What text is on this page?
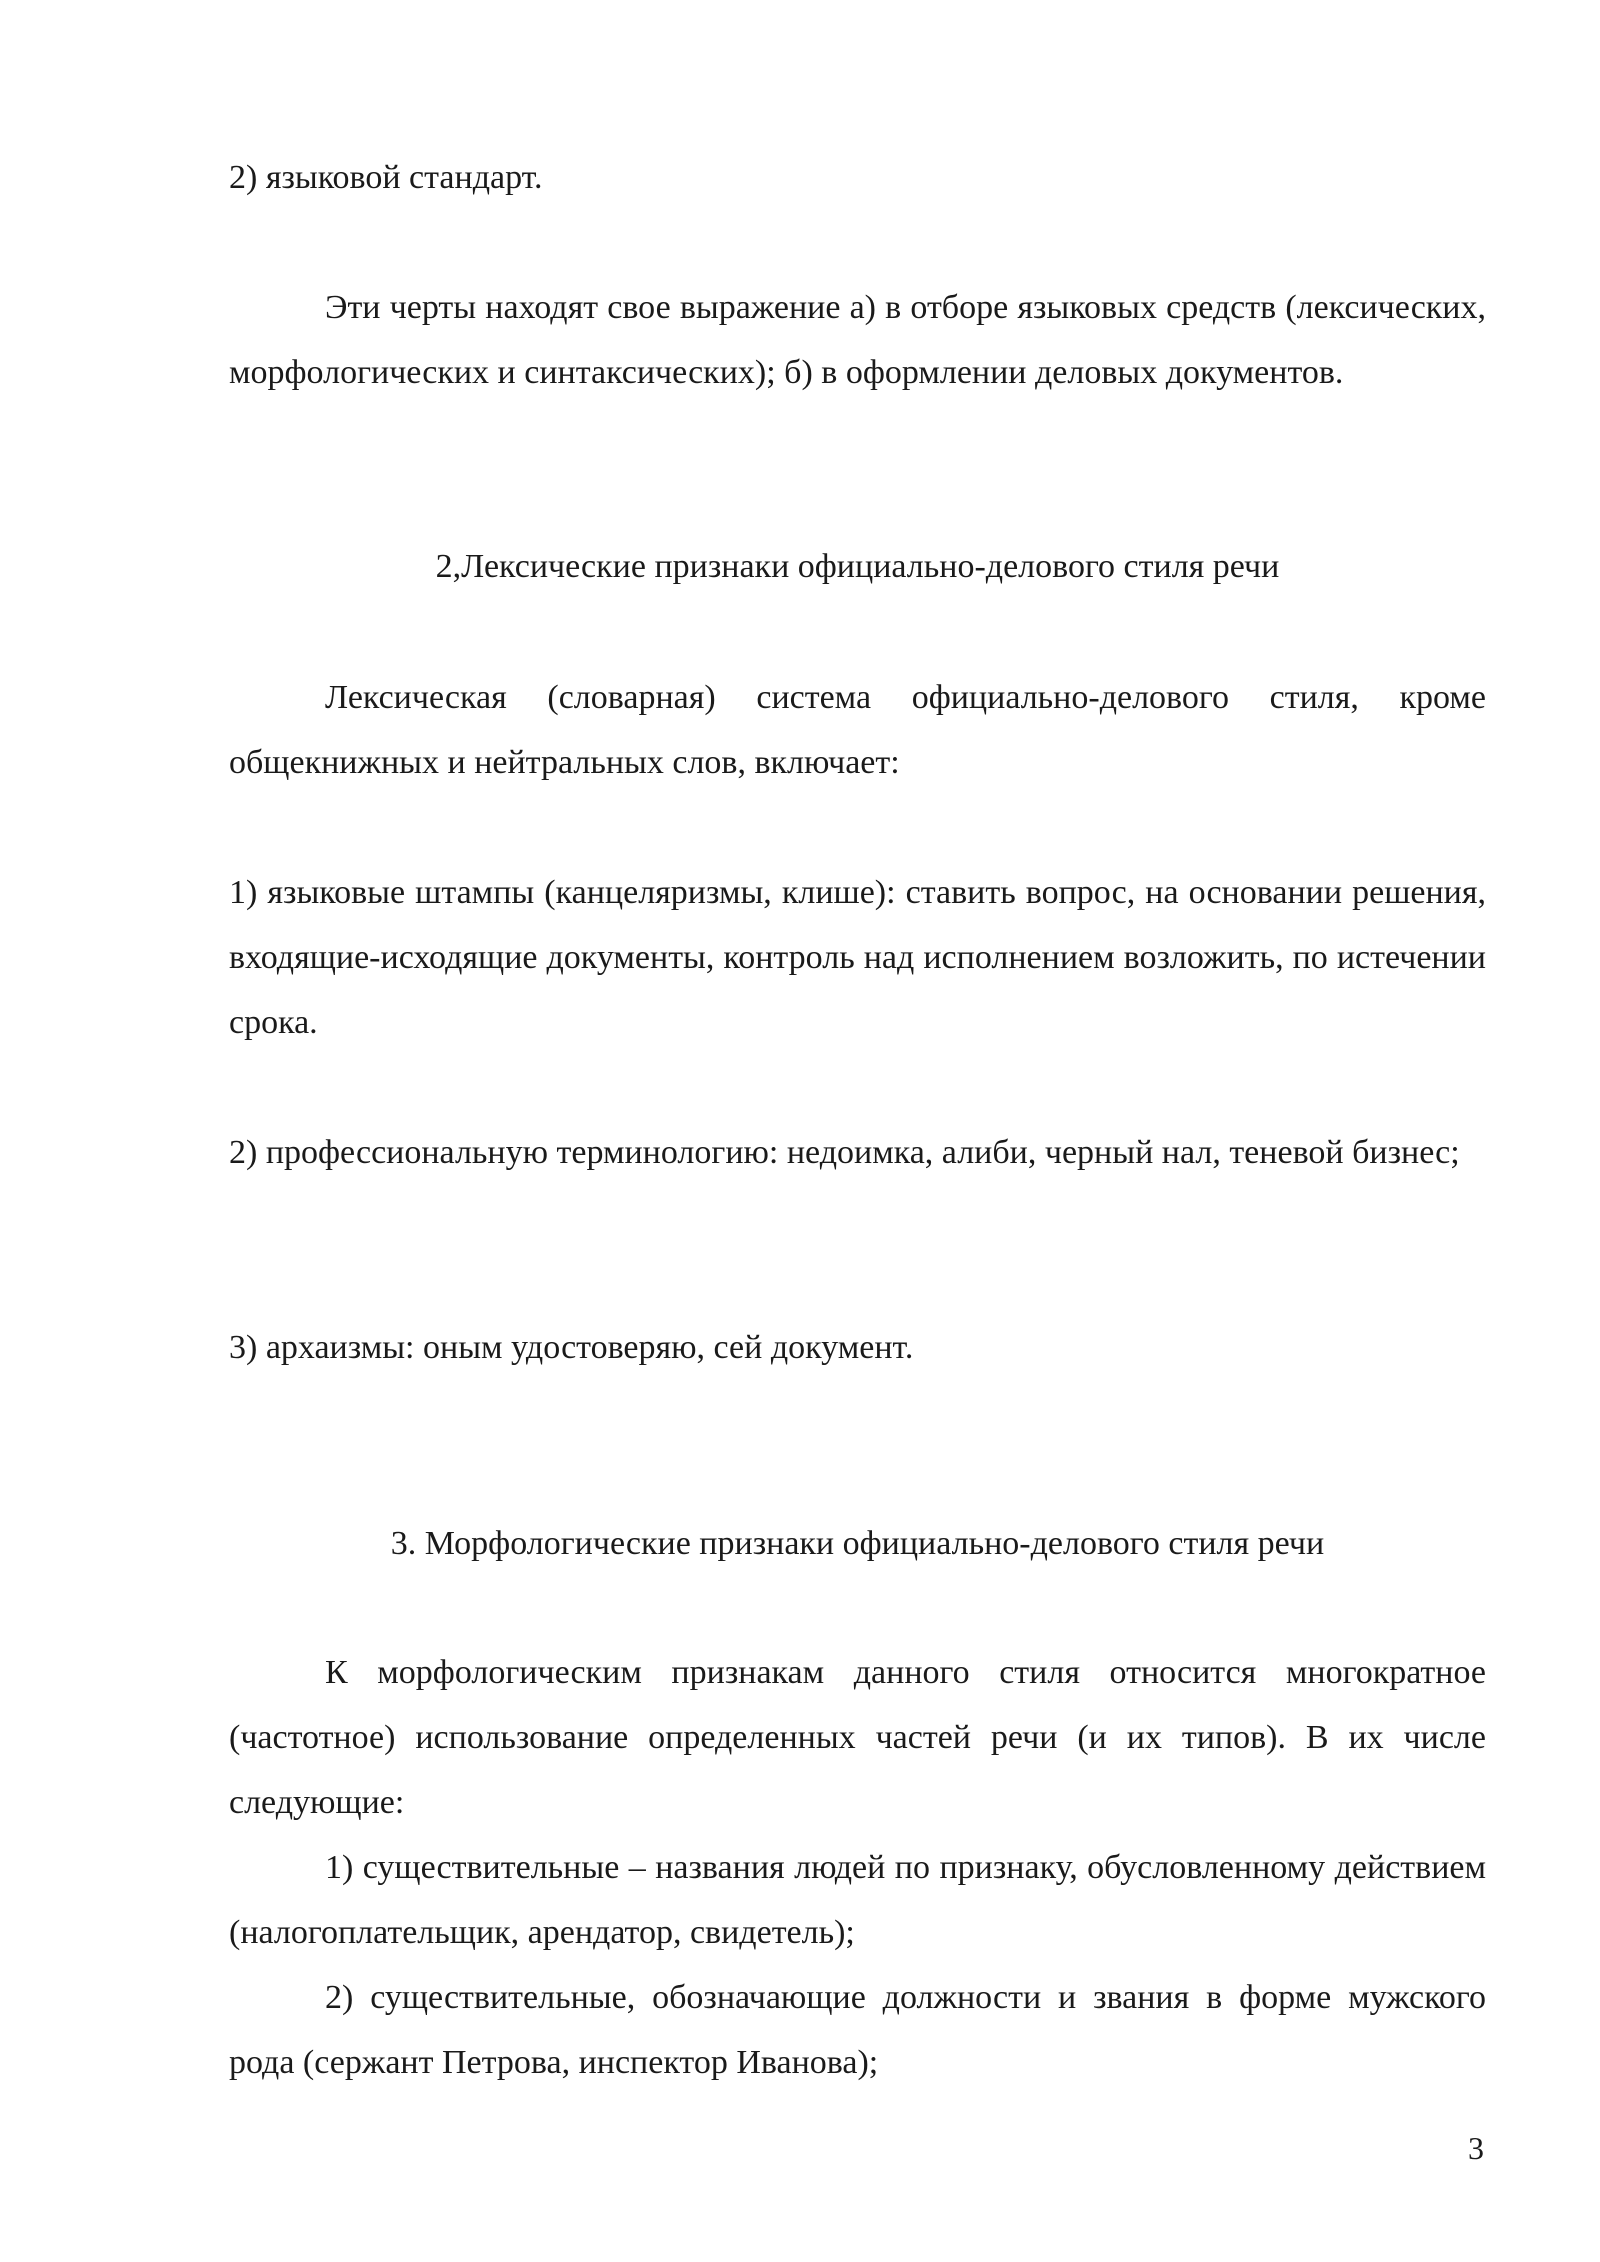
2) языковой стандарт.

Эти черты находят свое выражение а) в отборе языковых средств (лексических, морфологических и синтаксических); б) в оформлении деловых документов.

2,Лексические признаки официально-делового стиля речи

Лексическая (словарная) система официально-делового стиля, кроме общекнижных и нейтральных слов, включает:

1) языковые штампы (канцеляризмы, клише): ставить вопрос, на основании решения, входящие-исходящие документы, контроль над исполнением возложить, по истечении срока.

2) профессиональную терминологию: недоимка, алиби, черный нал, теневой бизнес;

3) архаизмы: оным удостоверяю, сей документ.

3. Морфологические признаки официально-делового стиля речи

К морфологическим признакам данного стиля относится многократное (частотное) использование определенных частей речи (и их типов). В их числе следующие:

1) существительные – названия людей по признаку, обусловленному действием (налогоплательщик, арендатор, свидетель);

2) существительные, обозначающие должности и звания в форме мужского рода (сержант Петрова, инспектор Иванова);

3
